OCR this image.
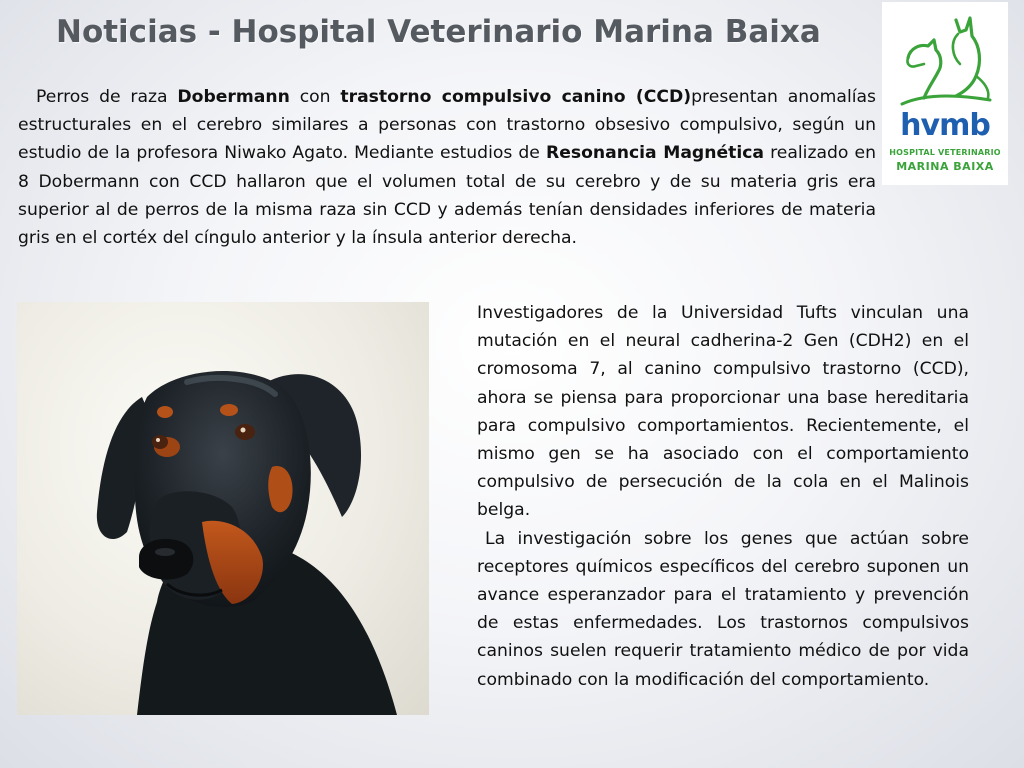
Noticias - Hospital Veterinario Marina Baixa
hvmb
HOSPITAL VETERINARIO
MARINA BAIXA

Perros de raza Dobermann con trastorno compulsivo canino (CCD)presentan anomalías estructurales en el cerebro similares a personas con trastorno obsesivo compulsivo, según un estudio de la profesora Niwako Agato. Mediante estudios de Resonancia Magnética realizado en 8 Dobermann con CCD hallaron que el volumen total de su cerebro y de su materia gris era superior al de perros de la misma raza sin CCD y además tenían densidades inferiores de materia gris en el cortéx del cíngulo anterior y la ínsula anterior derecha.

Investigadores de la Universidad Tufts vinculan una mutación en el neural cadherina-2 Gen (CDH2) en el cromosoma 7, al canino compulsivo trastorno (CCD), ahora se piensa para proporcionar una base hereditaria para compulsivo comportamientos. Recientemente, el mismo gen se ha asociado con el comportamiento compulsivo de persecución de la cola en el Malinois belga.

La investigación sobre los genes que actúan sobre receptores químicos específicos del cerebro suponen un avance esperanzador para el tratamiento y prevención de estas enfermedades. Los trastornos compulsivos caninos suelen requerir tratamiento médico de por vida combinado con la modificación del comportamiento.
